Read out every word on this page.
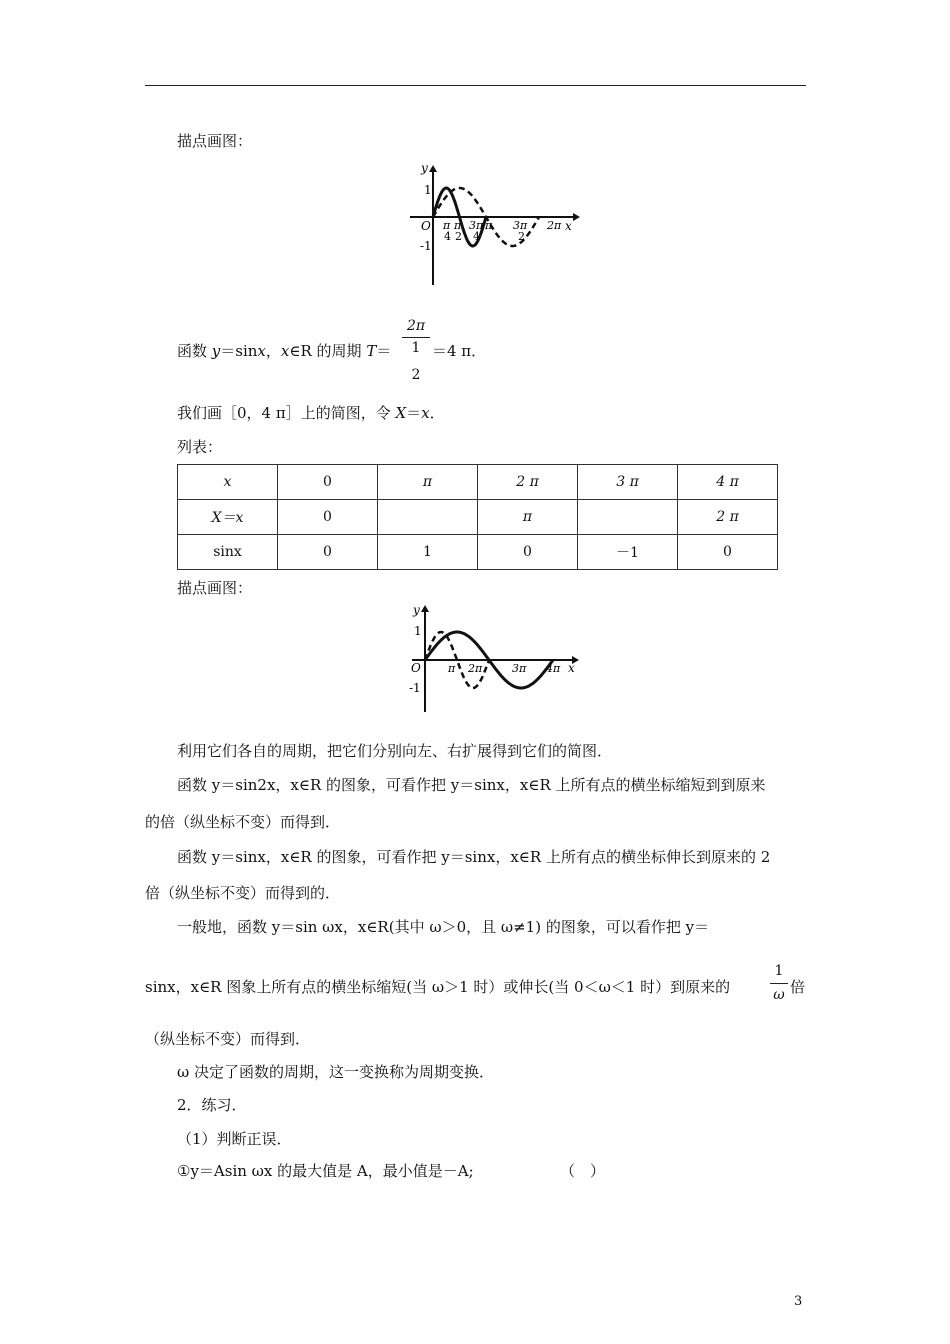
描点画图：
y
x
O
1
-1
π
4
π
2
3π
4
π 3π
2
2π
函数 y＝sinx，x∈R 的周期 T＝
2π
1
2
＝4 π．
我们画［0，4 π］上的简图，令 X＝x．
列表：
x	0	π	2 π	3 π	4 π
X＝x	0		π		2 π
sinx	0	1	0	－1	0
描点画图：
y
x
O
1
-1
π 2π	3π 4π
利用它们各自的周期，把它们分别向左、右扩展得到它们的简图．
函数 y＝sin2x，x∈R 的图象，可看作把 y＝sinx，x∈R 上所有点的横坐标缩短到到原来
的倍（纵坐标不变）而得到．
函数 y＝sinx，x∈R 的图象，可看作把 y＝sinx，x∈R 上所有点的横坐标伸长到原来的 2
倍（纵坐标不变）而得到的．
一般地，函数 y＝sin ωx，x∈R(其中 ω＞0，且 ω≠1) 的图象，可以看作把 y＝
sinx，x∈R 图象上所有点的横坐标缩短(当 ω＞1 时）或伸长(当 0＜ω＜1 时）到原来的
1
ω 倍
（纵坐标不变）而得到．
ω 决定了函数的周期，这一变换称为周期变换．
2．练习．
（1）判断正误．
①y＝Asin ωx 的最大值是 A，最小值是－A;	（　）
3
